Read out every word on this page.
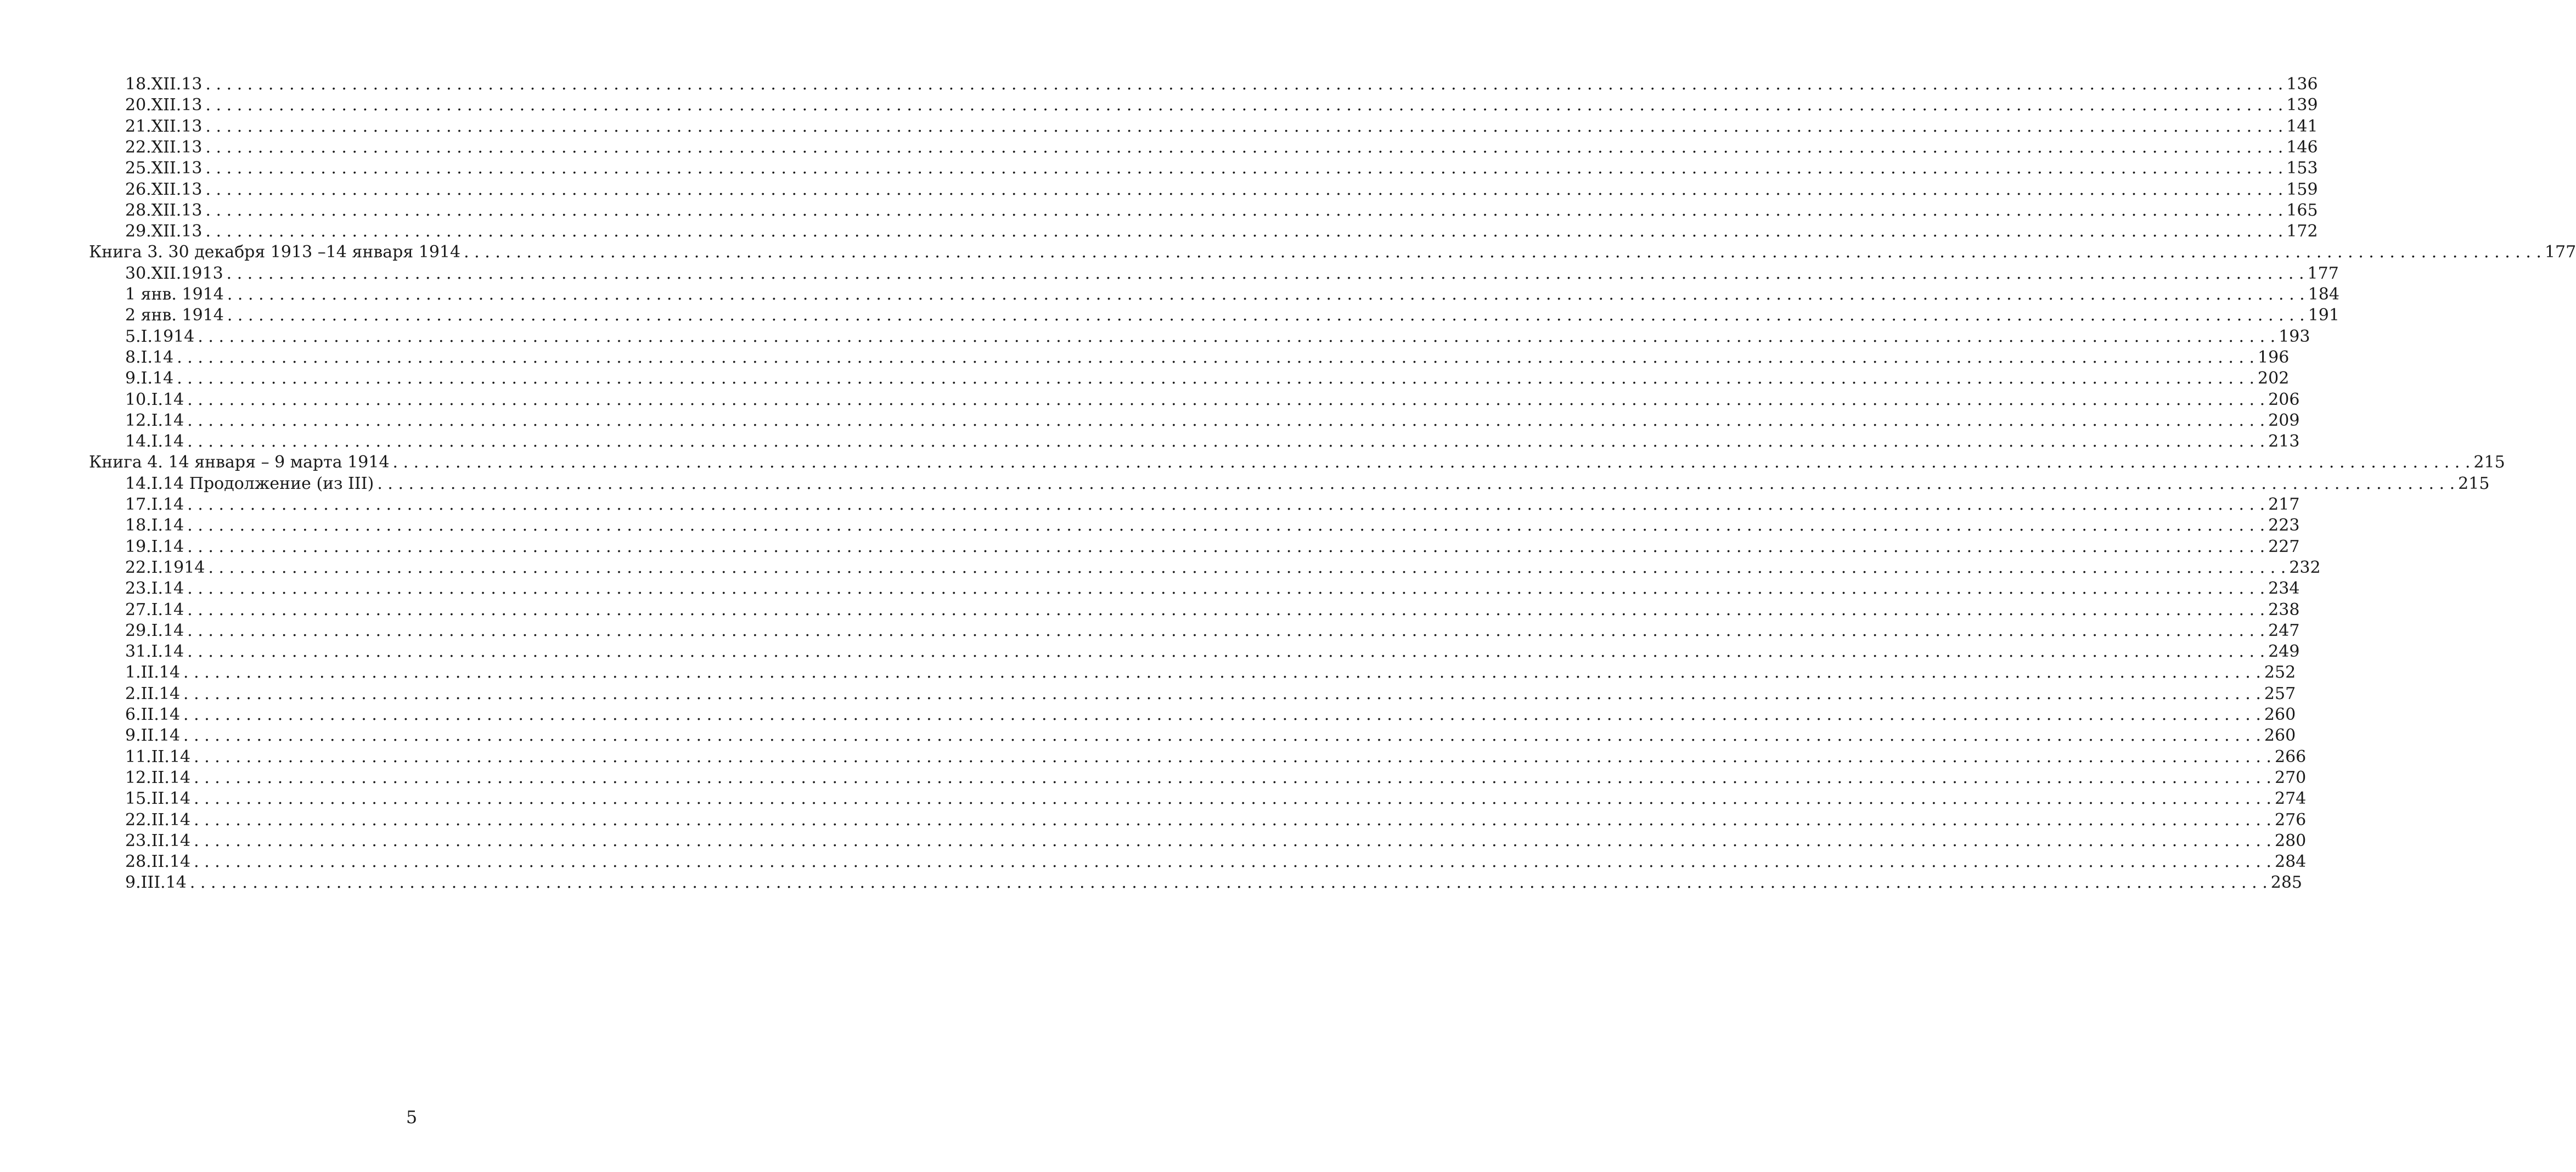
18.XII.13 . . . . . . . . . . . . . . . . . . . . . . . . . . . . . . . . . . . . . . . . . . . . . . . . . . . . . . . . . . . . . . . . . . . . . . . . . . . . . . . . . . . . . . . . . . . . . . . . . . . . . . . . . . . . . . . . . . . . . . . . . . . . . . . . . . . . . . . . . . . . . . . . . . . . . . . . . . . . . . . . . . . . . . . . . . . . . . . . . . . . . . . . . . . . . . . . . . . . . . . 136
20.XII.13 . . . . . . . . . . . . . . . . . . . . . . . . . . . . . . . . . . . . . . . . . . . . . . . . . . . . . . . . . . . . . . . . . . . . . . . . . . . . . . . . . . . . . . . . . . . . . . . . . . . . . . . . . . . . . . . . . . . . . . . . . . . . . . . . . . . . . . . . . . . . . . . . . . . . . . . . . . . . . . . . . . . . . . . . . . . . . . . . . . . . . . . . . . . . . . . . . . . . . . . 139
21.XII.13 . . . . . . . . . . . . . . . . . . . . . . . . . . . . . . . . . . . . . . . . . . . . . . . . . . . . . . . . . . . . . . . . . . . . . . . . . . . . . . . . . . . . . . . . . . . . . . . . . . . . . . . . . . . . . . . . . . . . . . . . . . . . . . . . . . . . . . . . . . . . . . . . . . . . . . . . . . . . . . . . . . . . . . . . . . . . . . . . . . . . . . . . . . . . . . . . . . . . . . . 141
22.XII.13 . . . . . . . . . . . . . . . . . . . . . . . . . . . . . . . . . . . . . . . . . . . . . . . . . . . . . . . . . . . . . . . . . . . . . . . . . . . . . . . . . . . . . . . . . . . . . . . . . . . . . . . . . . . . . . . . . . . . . . . . . . . . . . . . . . . . . . . . . . . . . . . . . . . . . . . . . . . . . . . . . . . . . . . . . . . . . . . . . . . . . . . . . . . . . . . . . . . . . . . 146
25.XII.13 . . . . . . . . . . . . . . . . . . . . . . . . . . . . . . . . . . . . . . . . . . . . . . . . . . . . . . . . . . . . . . . . . . . . . . . . . . . . . . . . . . . . . . . . . . . . . . . . . . . . . . . . . . . . . . . . . . . . . . . . . . . . . . . . . . . . . . . . . . . . . . . . . . . . . . . . . . . . . . . . . . . . . . . . . . . . . . . . . . . . . . . . . . . . . . . . . . . . . . . 153
26.XII.13 . . . . . . . . . . . . . . . . . . . . . . . . . . . . . . . . . . . . . . . . . . . . . . . . . . . . . . . . . . . . . . . . . . . . . . . . . . . . . . . . . . . . . . . . . . . . . . . . . . . . . . . . . . . . . . . . . . . . . . . . . . . . . . . . . . . . . . . . . . . . . . . . . . . . . . . . . . . . . . . . . . . . . . . . . . . . . . . . . . . . . . . . . . . . . . . . . . . . . . . 159
28.XII.13 . . . . . . . . . . . . . . . . . . . . . . . . . . . . . . . . . . . . . . . . . . . . . . . . . . . . . . . . . . . . . . . . . . . . . . . . . . . . . . . . . . . . . . . . . . . . . . . . . . . . . . . . . . . . . . . . . . . . . . . . . . . . . . . . . . . . . . . . . . . . . . . . . . . . . . . . . . . . . . . . . . . . . . . . . . . . . . . . . . . . . . . . . . . . . . . . . . . . . . . 165
29.XII.13 . . . . . . . . . . . . . . . . . . . . . . . . . . . . . . . . . . . . . . . . . . . . . . . . . . . . . . . . . . . . . . . . . . . . . . . . . . . . . . . . . . . . . . . . . . . . . . . . . . . . . . . . . . . . . . . . . . . . . . . . . . . . . . . . . . . . . . . . . . . . . . . . . . . . . . . . . . . . . . . . . . . . . . . . . . . . . . . . . . . . . . . . . . . . . . . . . . . . . . . 172
Книга 3. 30 декабря 1913 –14 января 1914 . . . . . . . . . . . . . . . . . . . . . . . . . . . . . . . . . . . . . . . . . . . . . . . . . . . . . . . . . . . . . . . . . . . . . . . . . . . . . . . . . . . . . . . . . . . . . . . . . . . . . . . . . . . . . . . . . . . . . . . . . . . . . . . . . . . . . . . . . . . . . . . . . . . . . . . . . . . . . . . . . . . . . . . . . . . . . . . . . . . . . . . . . . . . . . . . . . . . . . . 177
30.XII.1913 . . . . . . . . . . . . . . . . . . . . . . . . . . . . . . . . . . . . . . . . . . . . . . . . . . . . . . . . . . . . . . . . . . . . . . . . . . . . . . . . . . . . . . . . . . . . . . . . . . . . . . . . . . . . . . . . . . . . . . . . . . . . . . . . . . . . . . . . . . . . . . . . . . . . . . . . . . . . . . . . . . . . . . . . . . . . . . . . . . . . . . . . . . . . . . . . . . . . . . . 177
1 янв. 1914 . . . . . . . . . . . . . . . . . . . . . . . . . . . . . . . . . . . . . . . . . . . . . . . . . . . . . . . . . . . . . . . . . . . . . . . . . . . . . . . . . . . . . . . . . . . . . . . . . . . . . . . . . . . . . . . . . . . . . . . . . . . . . . . . . . . . . . . . . . . . . . . . . . . . . . . . . . . . . . . . . . . . . . . . . . . . . . . . . . . . . . . . . . . . . . . . . . . . . . . 184
2 янв. 1914 . . . . . . . . . . . . . . . . . . . . . . . . . . . . . . . . . . . . . . . . . . . . . . . . . . . . . . . . . . . . . . . . . . . . . . . . . . . . . . . . . . . . . . . . . . . . . . . . . . . . . . . . . . . . . . . . . . . . . . . . . . . . . . . . . . . . . . . . . . . . . . . . . . . . . . . . . . . . . . . . . . . . . . . . . . . . . . . . . . . . . . . . . . . . . . . . . . . . . . . 191
5.I.1914 . . . . . . . . . . . . . . . . . . . . . . . . . . . . . . . . . . . . . . . . . . . . . . . . . . . . . . . . . . . . . . . . . . . . . . . . . . . . . . . . . . . . . . . . . . . . . . . . . . . . . . . . . . . . . . . . . . . . . . . . . . . . . . . . . . . . . . . . . . . . . . . . . . . . . . . . . . . . . . . . . . . . . . . . . . . . . . . . . . . . . . . . . . . . . . . . . . . . . . . 193
8.I.14 . . . . . . . . . . . . . . . . . . . . . . . . . . . . . . . . . . . . . . . . . . . . . . . . . . . . . . . . . . . . . . . . . . . . . . . . . . . . . . . . . . . . . . . . . . . . . . . . . . . . . . . . . . . . . . . . . . . . . . . . . . . . . . . . . . . . . . . . . . . . . . . . . . . . . . . . . . . . . . . . . . . . . . . . . . . . . . . . . . . . . . . . . . . . . . . . . . . . . . . 196
9.I.14 . . . . . . . . . . . . . . . . . . . . . . . . . . . . . . . . . . . . . . . . . . . . . . . . . . . . . . . . . . . . . . . . . . . . . . . . . . . . . . . . . . . . . . . . . . . . . . . . . . . . . . . . . . . . . . . . . . . . . . . . . . . . . . . . . . . . . . . . . . . . . . . . . . . . . . . . . . . . . . . . . . . . . . . . . . . . . . . . . . . . . . . . . . . . . . . . . . . . . . . 202
10.I.14 . . . . . . . . . . . . . . . . . . . . . . . . . . . . . . . . . . . . . . . . . . . . . . . . . . . . . . . . . . . . . . . . . . . . . . . . . . . . . . . . . . . . . . . . . . . . . . . . . . . . . . . . . . . . . . . . . . . . . . . . . . . . . . . . . . . . . . . . . . . . . . . . . . . . . . . . . . . . . . . . . . . . . . . . . . . . . . . . . . . . . . . . . . . . . . . . . . . . . . . 206
12.I.14 . . . . . . . . . . . . . . . . . . . . . . . . . . . . . . . . . . . . . . . . . . . . . . . . . . . . . . . . . . . . . . . . . . . . . . . . . . . . . . . . . . . . . . . . . . . . . . . . . . . . . . . . . . . . . . . . . . . . . . . . . . . . . . . . . . . . . . . . . . . . . . . . . . . . . . . . . . . . . . . . . . . . . . . . . . . . . . . . . . . . . . . . . . . . . . . . . . . . . . . 209
14.I.14 . . . . . . . . . . . . . . . . . . . . . . . . . . . . . . . . . . . . . . . . . . . . . . . . . . . . . . . . . . . . . . . . . . . . . . . . . . . . . . . . . . . . . . . . . . . . . . . . . . . . . . . . . . . . . . . . . . . . . . . . . . . . . . . . . . . . . . . . . . . . . . . . . . . . . . . . . . . . . . . . . . . . . . . . . . . . . . . . . . . . . . . . . . . . . . . . . . . . . . . 213
Книга 4. 14 января – 9 марта 1914 . . . . . . . . . . . . . . . . . . . . . . . . . . . . . . . . . . . . . . . . . . . . . . . . . . . . . . . . . . . . . . . . . . . . . . . . . . . . . . . . . . . . . . . . . . . . . . . . . . . . . . . . . . . . . . . . . . . . . . . . . . . . . . . . . . . . . . . . . . . . . . . . . . . . . . . . . . . . . . . . . . . . . . . . . . . . . . . . . . . . . . . . . . . . . . . . . . . . . . . 215
14.I.14 Продолжение (из III) . . . . . . . . . . . . . . . . . . . . . . . . . . . . . . . . . . . . . . . . . . . . . . . . . . . . . . . . . . . . . . . . . . . . . . . . . . . . . . . . . . . . . . . . . . . . . . . . . . . . . . . . . . . . . . . . . . . . . . . . . . . . . . . . . . . . . . . . . . . . . . . . . . . . . . . . . . . . . . . . . . . . . . . . . . . . . . . . . . . . . . . . . . . . . . . . . . . . . . . 215
17.I.14 . . . . . . . . . . . . . . . . . . . . . . . . . . . . . . . . . . . . . . . . . . . . . . . . . . . . . . . . . . . . . . . . . . . . . . . . . . . . . . . . . . . . . . . . . . . . . . . . . . . . . . . . . . . . . . . . . . . . . . . . . . . . . . . . . . . . . . . . . . . . . . . . . . . . . . . . . . . . . . . . . . . . . . . . . . . . . . . . . . . . . . . . . . . . . . . . . . . . . . . 217
18.I.14 . . . . . . . . . . . . . . . . . . . . . . . . . . . . . . . . . . . . . . . . . . . . . . . . . . . . . . . . . . . . . . . . . . . . . . . . . . . . . . . . . . . . . . . . . . . . . . . . . . . . . . . . . . . . . . . . . . . . . . . . . . . . . . . . . . . . . . . . . . . . . . . . . . . . . . . . . . . . . . . . . . . . . . . . . . . . . . . . . . . . . . . . . . . . . . . . . . . . . . . 223
19.I.14 . . . . . . . . . . . . . . . . . . . . . . . . . . . . . . . . . . . . . . . . . . . . . . . . . . . . . . . . . . . . . . . . . . . . . . . . . . . . . . . . . . . . . . . . . . . . . . . . . . . . . . . . . . . . . . . . . . . . . . . . . . . . . . . . . . . . . . . . . . . . . . . . . . . . . . . . . . . . . . . . . . . . . . . . . . . . . . . . . . . . . . . . . . . . . . . . . . . . . . . 227
22.I.1914 . . . . . . . . . . . . . . . . . . . . . . . . . . . . . . . . . . . . . . . . . . . . . . . . . . . . . . . . . . . . . . . . . . . . . . . . . . . . . . . . . . . . . . . . . . . . . . . . . . . . . . . . . . . . . . . . . . . . . . . . . . . . . . . . . . . . . . . . . . . . . . . . . . . . . . . . . . . . . . . . . . . . . . . . . . . . . . . . . . . . . . . . . . . . . . . . . . . . . . . 232
23.I.14 . . . . . . . . . . . . . . . . . . . . . . . . . . . . . . . . . . . . . . . . . . . . . . . . . . . . . . . . . . . . . . . . . . . . . . . . . . . . . . . . . . . . . . . . . . . . . . . . . . . . . . . . . . . . . . . . . . . . . . . . . . . . . . . . . . . . . . . . . . . . . . . . . . . . . . . . . . . . . . . . . . . . . . . . . . . . . . . . . . . . . . . . . . . . . . . . . . . . . . . 234
27.I.14 . . . . . . . . . . . . . . . . . . . . . . . . . . . . . . . . . . . . . . . . . . . . . . . . . . . . . . . . . . . . . . . . . . . . . . . . . . . . . . . . . . . . . . . . . . . . . . . . . . . . . . . . . . . . . . . . . . . . . . . . . . . . . . . . . . . . . . . . . . . . . . . . . . . . . . . . . . . . . . . . . . . . . . . . . . . . . . . . . . . . . . . . . . . . . . . . . . . . . . . 238
29.I.14 . . . . . . . . . . . . . . . . . . . . . . . . . . . . . . . . . . . . . . . . . . . . . . . . . . . . . . . . . . . . . . . . . . . . . . . . . . . . . . . . . . . . . . . . . . . . . . . . . . . . . . . . . . . . . . . . . . . . . . . . . . . . . . . . . . . . . . . . . . . . . . . . . . . . . . . . . . . . . . . . . . . . . . . . . . . . . . . . . . . . . . . . . . . . . . . . . . . . . . . 247
31.I.14 . . . . . . . . . . . . . . . . . . . . . . . . . . . . . . . . . . . . . . . . . . . . . . . . . . . . . . . . . . . . . . . . . . . . . . . . . . . . . . . . . . . . . . . . . . . . . . . . . . . . . . . . . . . . . . . . . . . . . . . . . . . . . . . . . . . . . . . . . . . . . . . . . . . . . . . . . . . . . . . . . . . . . . . . . . . . . . . . . . . . . . . . . . . . . . . . . . . . . . . 249
1.II.14 . . . . . . . . . . . . . . . . . . . . . . . . . . . . . . . . . . . . . . . . . . . . . . . . . . . . . . . . . . . . . . . . . . . . . . . . . . . . . . . . . . . . . . . . . . . . . . . . . . . . . . . . . . . . . . . . . . . . . . . . . . . . . . . . . . . . . . . . . . . . . . . . . . . . . . . . . . . . . . . . . . . . . . . . . . . . . . . . . . . . . . . . . . . . . . . . . . . . . . . 252
2.II.14 . . . . . . . . . . . . . . . . . . . . . . . . . . . . . . . . . . . . . . . . . . . . . . . . . . . . . . . . . . . . . . . . . . . . . . . . . . . . . . . . . . . . . . . . . . . . . . . . . . . . . . . . . . . . . . . . . . . . . . . . . . . . . . . . . . . . . . . . . . . . . . . . . . . . . . . . . . . . . . . . . . . . . . . . . . . . . . . . . . . . . . . . . . . . . . . . . . . . . . . 257
6.II.14 . . . . . . . . . . . . . . . . . . . . . . . . . . . . . . . . . . . . . . . . . . . . . . . . . . . . . . . . . . . . . . . . . . . . . . . . . . . . . . . . . . . . . . . . . . . . . . . . . . . . . . . . . . . . . . . . . . . . . . . . . . . . . . . . . . . . . . . . . . . . . . . . . . . . . . . . . . . . . . . . . . . . . . . . . . . . . . . . . . . . . . . . . . . . . . . . . . . . . . . 260
9.II.14 . . . . . . . . . . . . . . . . . . . . . . . . . . . . . . . . . . . . . . . . . . . . . . . . . . . . . . . . . . . . . . . . . . . . . . . . . . . . . . . . . . . . . . . . . . . . . . . . . . . . . . . . . . . . . . . . . . . . . . . . . . . . . . . . . . . . . . . . . . . . . . . . . . . . . . . . . . . . . . . . . . . . . . . . . . . . . . . . . . . . . . . . . . . . . . . . . . . . . . . 260
11.II.14 . . . . . . . . . . . . . . . . . . . . . . . . . . . . . . . . . . . . . . . . . . . . . . . . . . . . . . . . . . . . . . . . . . . . . . . . . . . . . . . . . . . . . . . . . . . . . . . . . . . . . . . . . . . . . . . . . . . . . . . . . . . . . . . . . . . . . . . . . . . . . . . . . . . . . . . . . . . . . . . . . . . . . . . . . . . . . . . . . . . . . . . . . . . . . . . . . . . . . . . 266
12.II.14 . . . . . . . . . . . . . . . . . . . . . . . . . . . . . . . . . . . . . . . . . . . . . . . . . . . . . . . . . . . . . . . . . . . . . . . . . . . . . . . . . . . . . . . . . . . . . . . . . . . . . . . . . . . . . . . . . . . . . . . . . . . . . . . . . . . . . . . . . . . . . . . . . . . . . . . . . . . . . . . . . . . . . . . . . . . . . . . . . . . . . . . . . . . . . . . . . . . . . . . 270
15.II.14 . . . . . . . . . . . . . . . . . . . . . . . . . . . . . . . . . . . . . . . . . . . . . . . . . . . . . . . . . . . . . . . . . . . . . . . . . . . . . . . . . . . . . . . . . . . . . . . . . . . . . . . . . . . . . . . . . . . . . . . . . . . . . . . . . . . . . . . . . . . . . . . . . . . . . . . . . . . . . . . . . . . . . . . . . . . . . . . . . . . . . . . . . . . . . . . . . . . . . . . 274
22.II.14 . . . . . . . . . . . . . . . . . . . . . . . . . . . . . . . . . . . . . . . . . . . . . . . . . . . . . . . . . . . . . . . . . . . . . . . . . . . . . . . . . . . . . . . . . . . . . . . . . . . . . . . . . . . . . . . . . . . . . . . . . . . . . . . . . . . . . . . . . . . . . . . . . . . . . . . . . . . . . . . . . . . . . . . . . . . . . . . . . . . . . . . . . . . . . . . . . . . . . . . 276
23.II.14 . . . . . . . . . . . . . . . . . . . . . . . . . . . . . . . . . . . . . . . . . . . . . . . . . . . . . . . . . . . . . . . . . . . . . . . . . . . . . . . . . . . . . . . . . . . . . . . . . . . . . . . . . . . . . . . . . . . . . . . . . . . . . . . . . . . . . . . . . . . . . . . . . . . . . . . . . . . . . . . . . . . . . . . . . . . . . . . . . . . . . . . . . . . . . . . . . . . . . . . 280
28.II.14 . . . . . . . . . . . . . . . . . . . . . . . . . . . . . . . . . . . . . . . . . . . . . . . . . . . . . . . . . . . . . . . . . . . . . . . . . . . . . . . . . . . . . . . . . . . . . . . . . . . . . . . . . . . . . . . . . . . . . . . . . . . . . . . . . . . . . . . . . . . . . . . . . . . . . . . . . . . . . . . . . . . . . . . . . . . . . . . . . . . . . . . . . . . . . . . . . . . . . . . 284
9.III.14 . . . . . . . . . . . . . . . . . . . . . . . . . . . . . . . . . . . . . . . . . . . . . . . . . . . . . . . . . . . . . . . . . . . . . . . . . . . . . . . . . . . . . . . . . . . . . . . . . . . . . . . . . . . . . . . . . . . . . . . . . . . . . . . . . . . . . . . . . . . . . . . . . . . . . . . . . . . . . . . . . . . . . . . . . . . . . . . . . . . . . . . . . . . . . . . . . . . . . . . 285
5
